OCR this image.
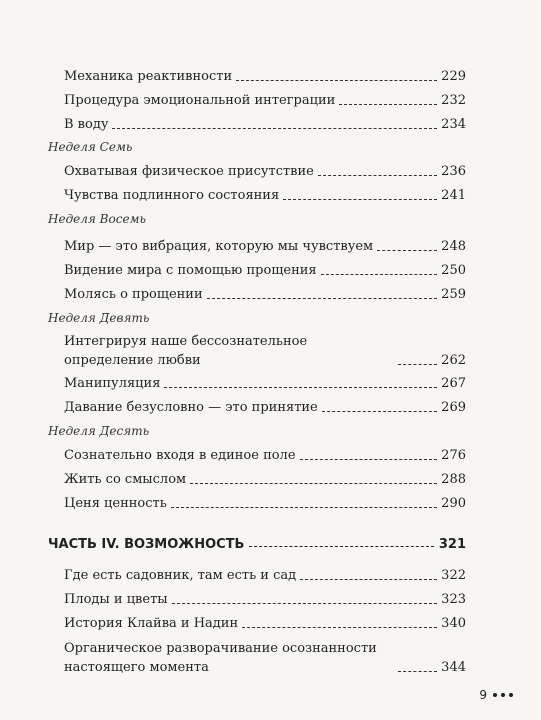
Механика реактивности	229
Процедура эмоциональной интеграции	232
В воду	234
Неделя Семь
Охватывая физическое присутствие	236
Чувства подлинного состояния	241
Неделя Восемь
Мир — это вибрация, которую мы чувствуем	248
Видение мира с помощью прощения	250
Молясь о прощении	259
Неделя Девять
Интегрируя наше бессознательное определение любви	262
Манипуляция	267
Давание безусловно — это принятие	269
Неделя Десять
Сознательно входя в единое поле	276
Жить со смыслом	288
Ценя ценность	290
ЧАСТЬ IV. ВОЗМОЖНОСТЬ	321
Где есть садовник, там есть и сад	322
Плоды и цветы	323
История Клайва и Надин	340
Органическое разворачивание осознанности настоящего момента	344
9
